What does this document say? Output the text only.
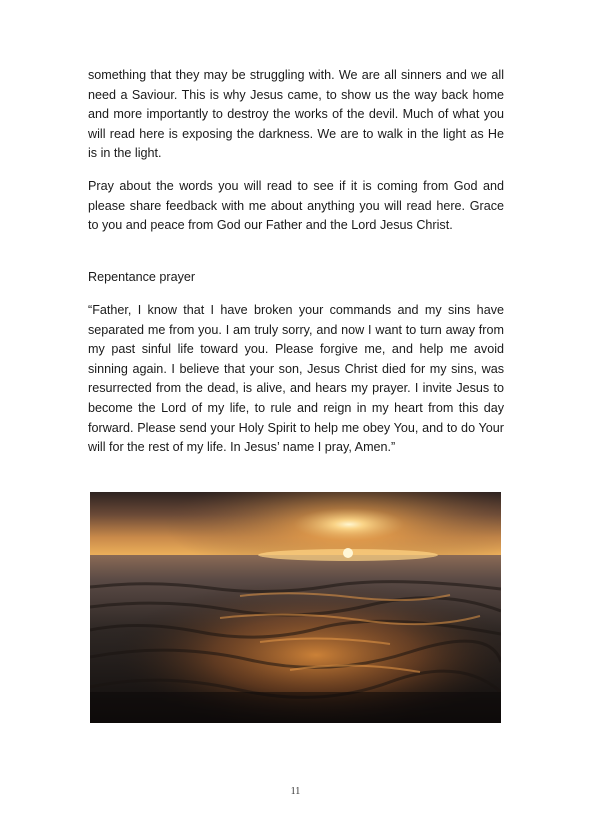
something that they may be struggling with. We are all sinners and we all need a Saviour. This is why Jesus came, to show us the way back home and more importantly to destroy the works of the devil. Much of what you will read here is exposing the darkness. We are to walk in the light as He is in the light.

Pray about the words you will read to see if it is coming from God and please share feedback with me about anything you will read here. Grace to you and peace from God our Father and the Lord Jesus Christ.

Repentance prayer

“Father, I know that I have broken your commands and my sins have separated me from you. I am truly sorry, and now I want to turn away from my past sinful life toward you. Please forgive me, and help me avoid sinning again. I believe that your son, Jesus Christ died for my sins, was resurrected from the dead, is alive, and hears my prayer. I invite Jesus to become the Lord of my life, to rule and reign in my heart from this day forward. Please send your Holy Spirit to help me obey You, and to do Your will for the rest of my life. In Jesus’ name I pray, Amen.”

11
